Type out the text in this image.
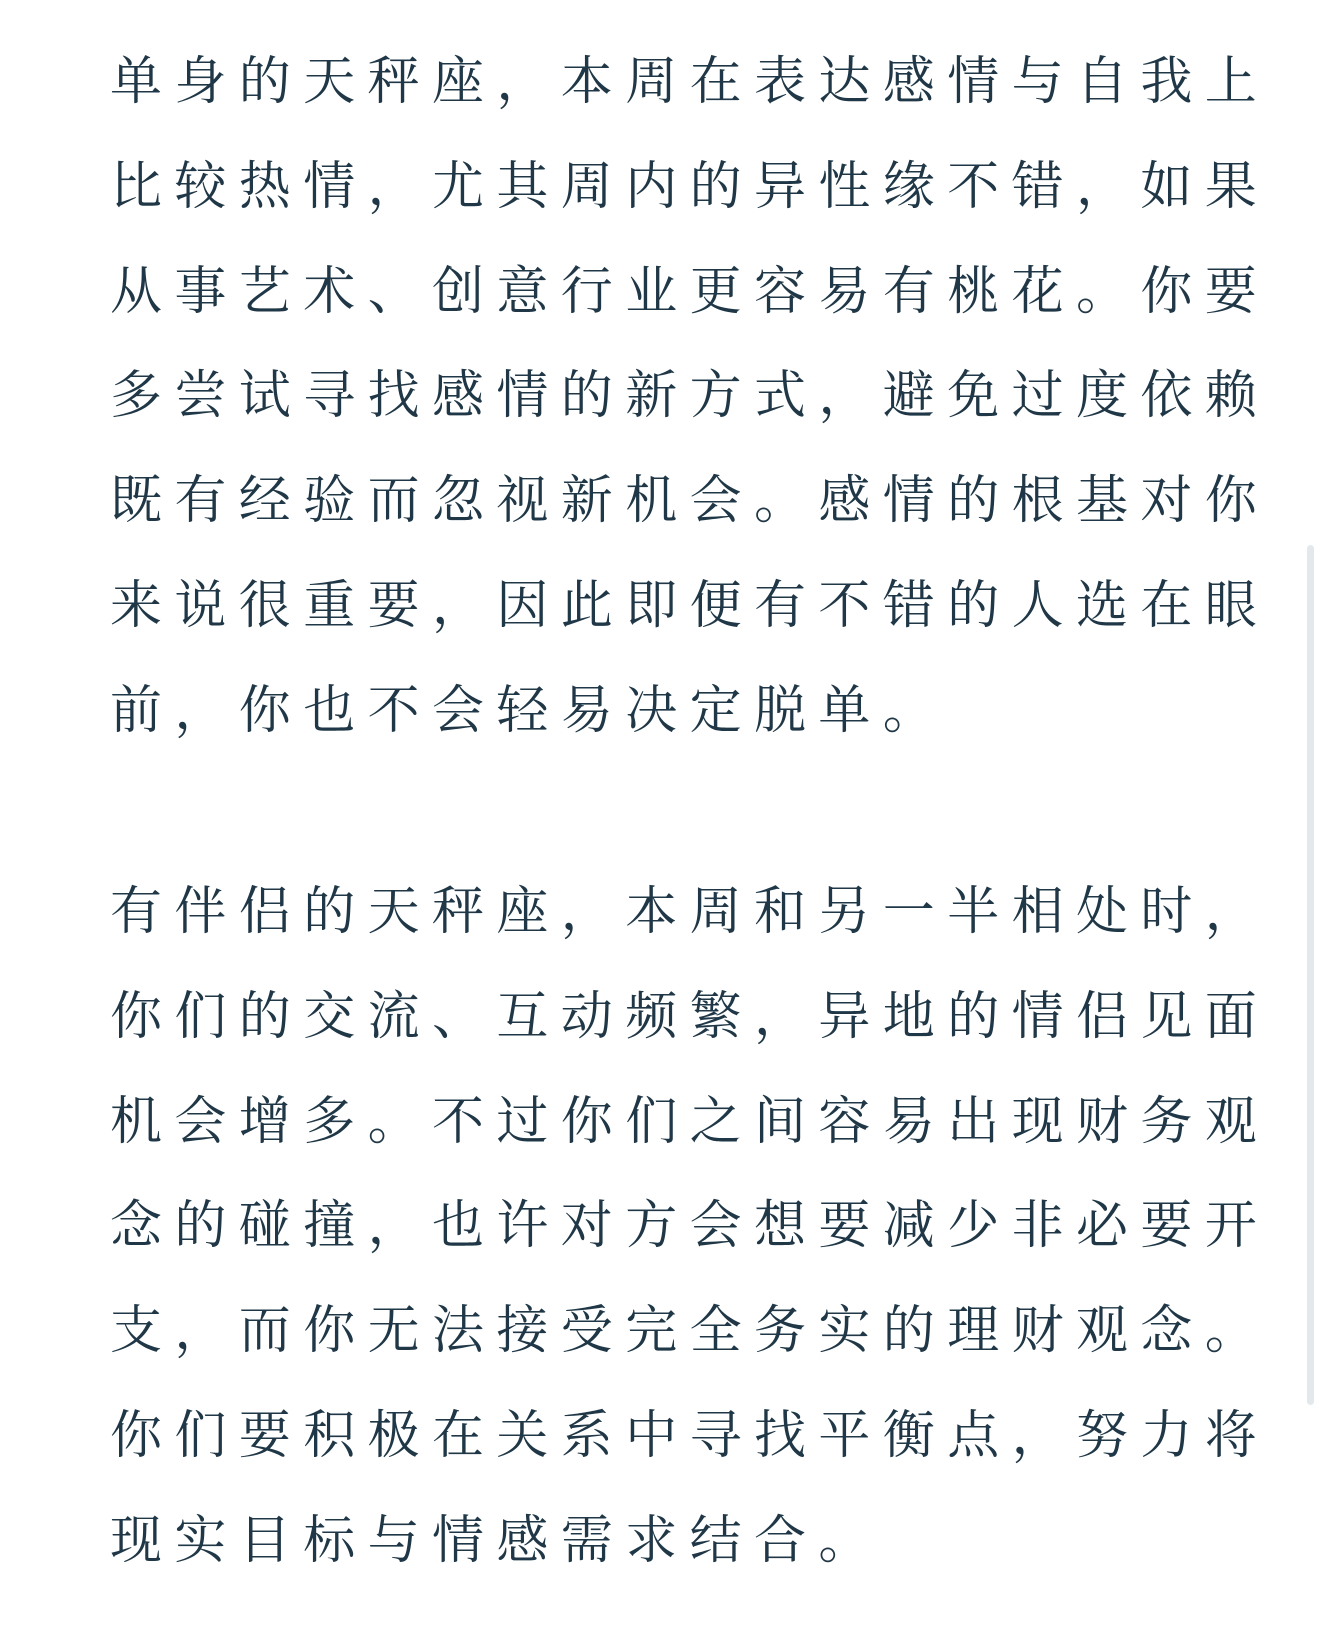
单身的天秤座，本周在表达感情与自我上
比较热情，尤其周内的异性缘不错，如果
从事艺术、创意行业更容易有桃花。你要
多尝试寻找感情的新方式，避免过度依赖
既有经验而忽视新机会。感情的根基对你
来说很重要，因此即便有不错的人选在眼
前，你也不会轻易决定脱单。
有伴侣的天秤座，本周和另一半相处时，
你们的交流、互动频繁，异地的情侣见面
机会增多。不过你们之间容易出现财务观
念的碰撞，也许对方会想要减少非必要开
支，而你无法接受完全务实的理财观念。
你们要积极在关系中寻找平衡点，努力将
现实目标与情感需求结合。
